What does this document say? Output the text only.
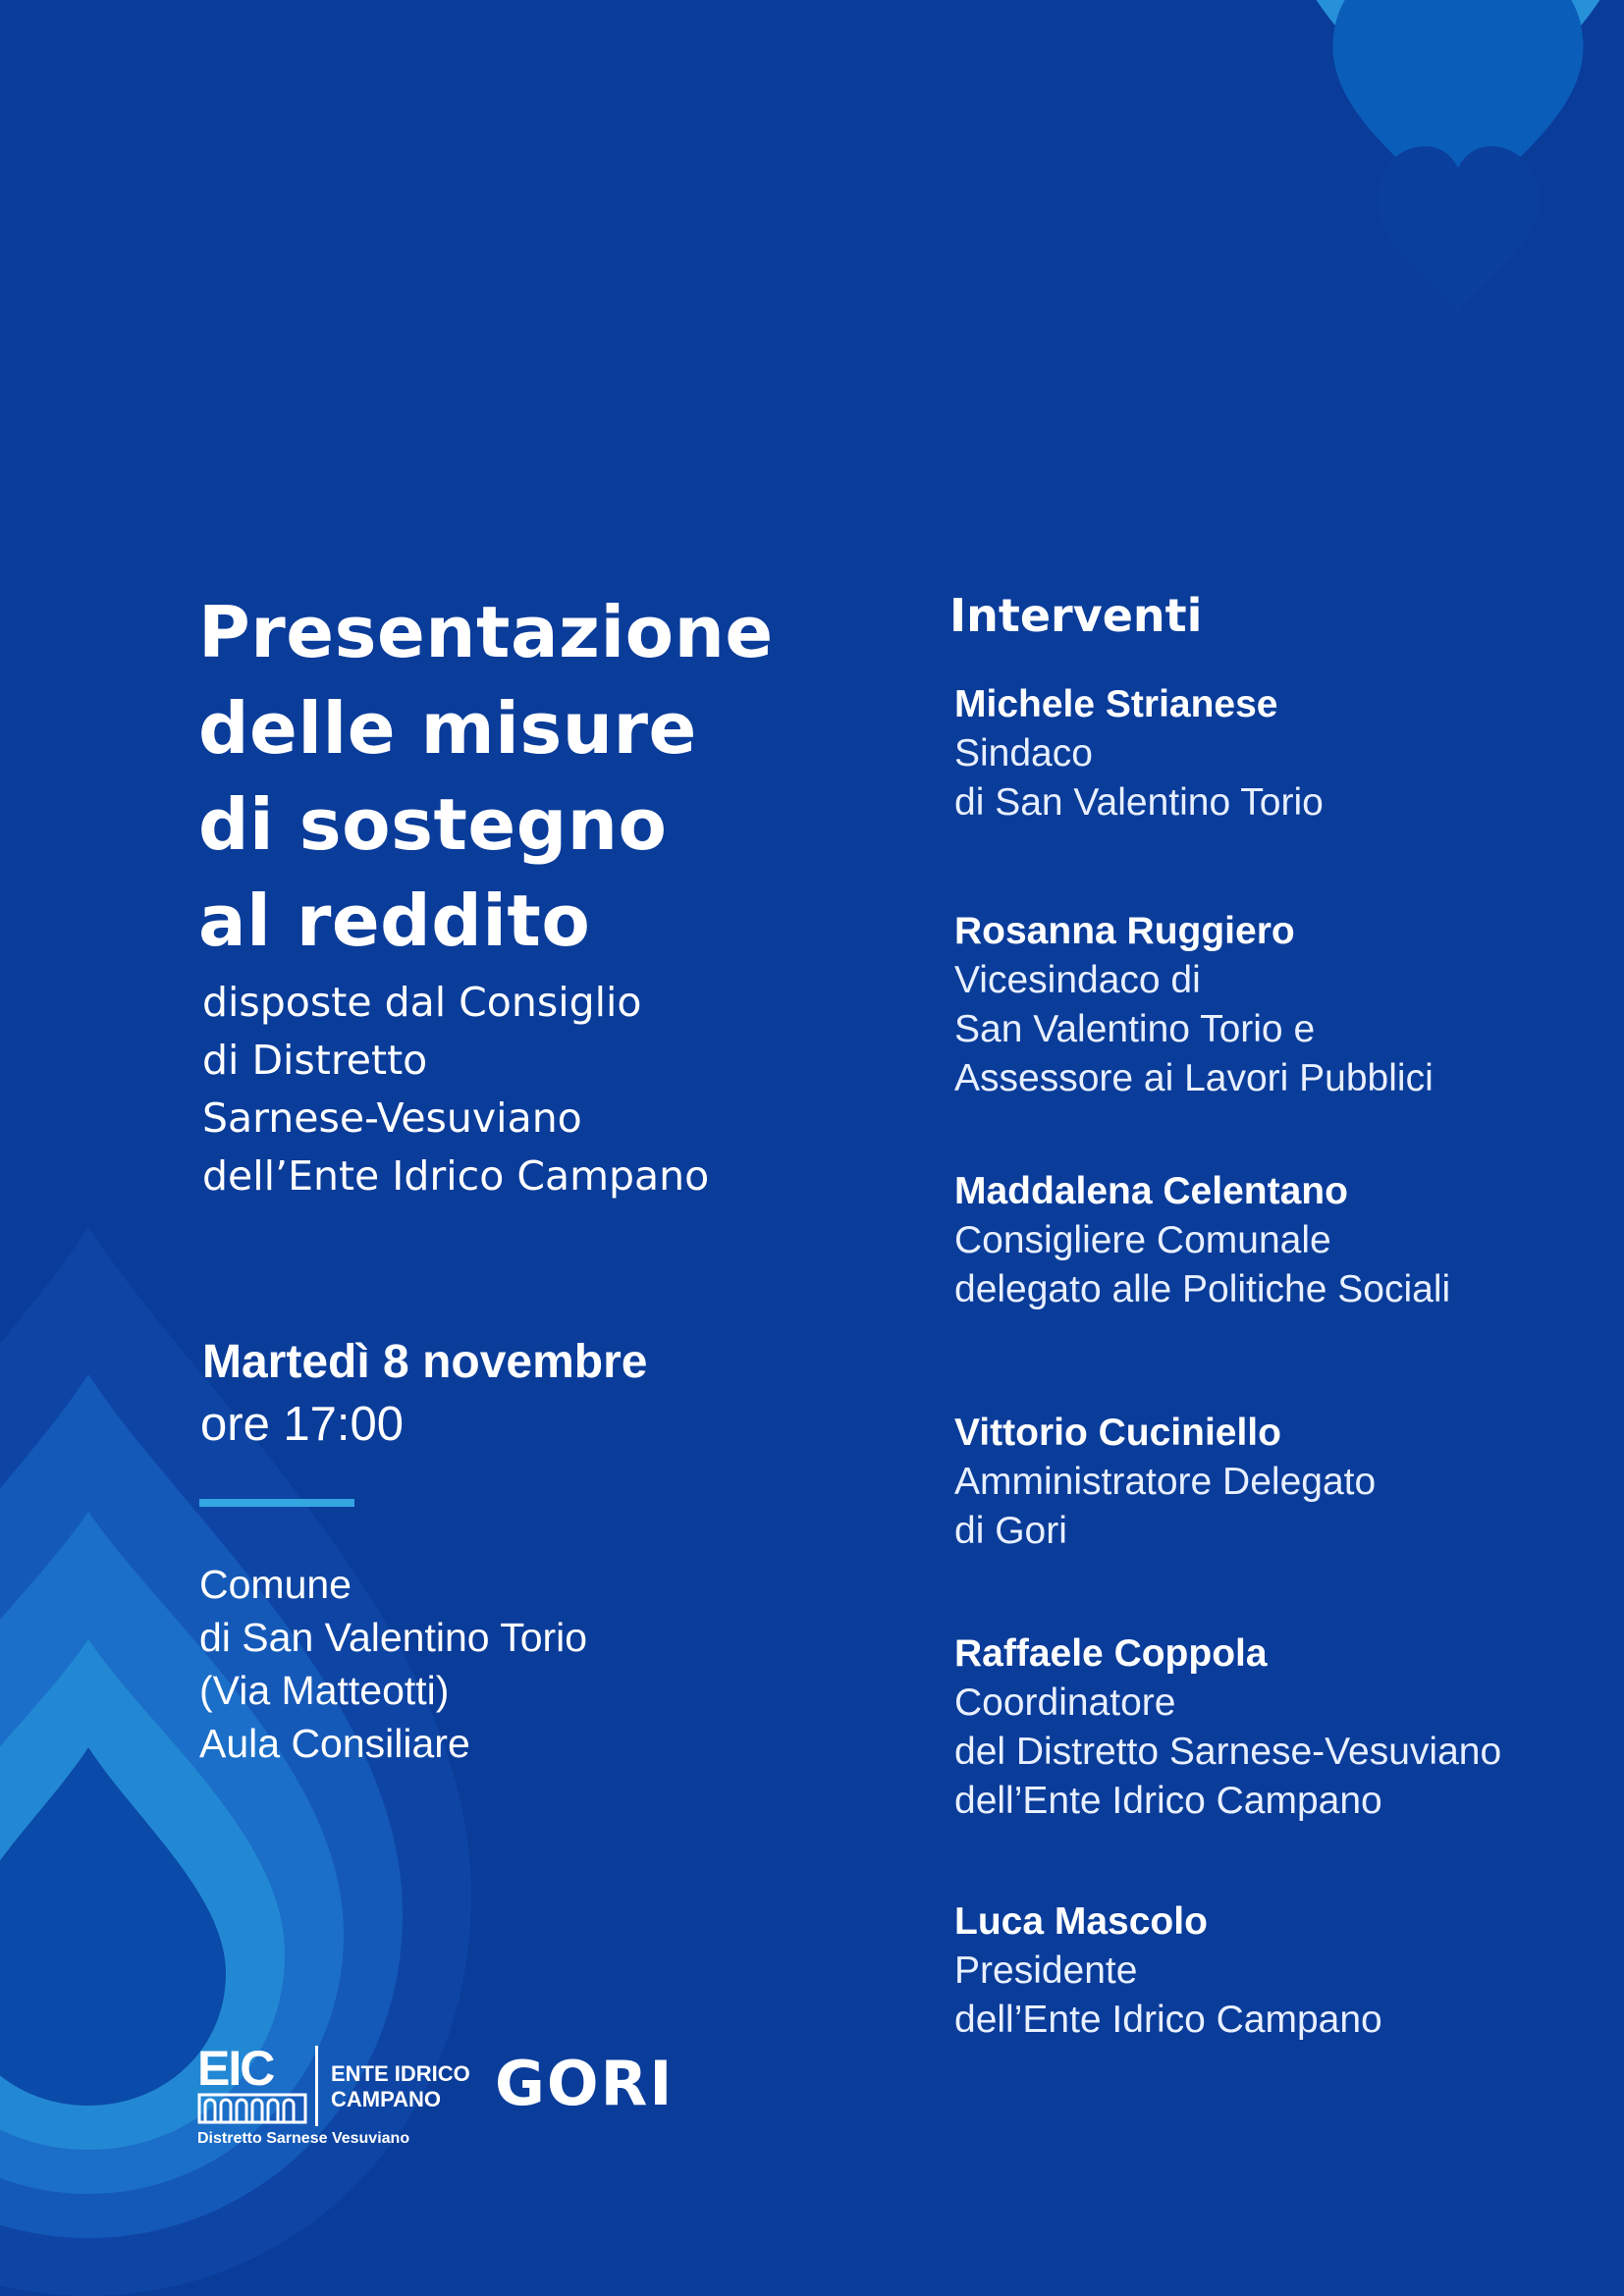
Presentazione
delle misure
di sostegno
al reddito
disposte dal Consiglio
di Distretto
Sarnese-Vesuviano
dell’Ente Idrico Campano
Martedì 8 novembre
ore 17:00
Comune
di San Valentino Torio
(Via Matteotti)
Aula Consiliare
Interventi
Michele Strianese
Sindaco
di San Valentino Torio
Rosanna Ruggiero
Vicesindaco di
San Valentino Torio e
Assessore ai Lavori Pubblici
Maddalena Celentano
Consigliere Comunale
delegato alle Politiche Sociali
Vittorio Cuciniello
Amministratore Delegato
di Gori
Raffaele Coppola
Coordinatore
del Distretto Sarnese-Vesuviano
dell’Ente Idrico Campano
Luca Mascolo
Presidente
dell’Ente Idrico Campano
EIC	ENTE IDRICO
CAMPANO
Distretto Sarnese Vesuviano
GORI
